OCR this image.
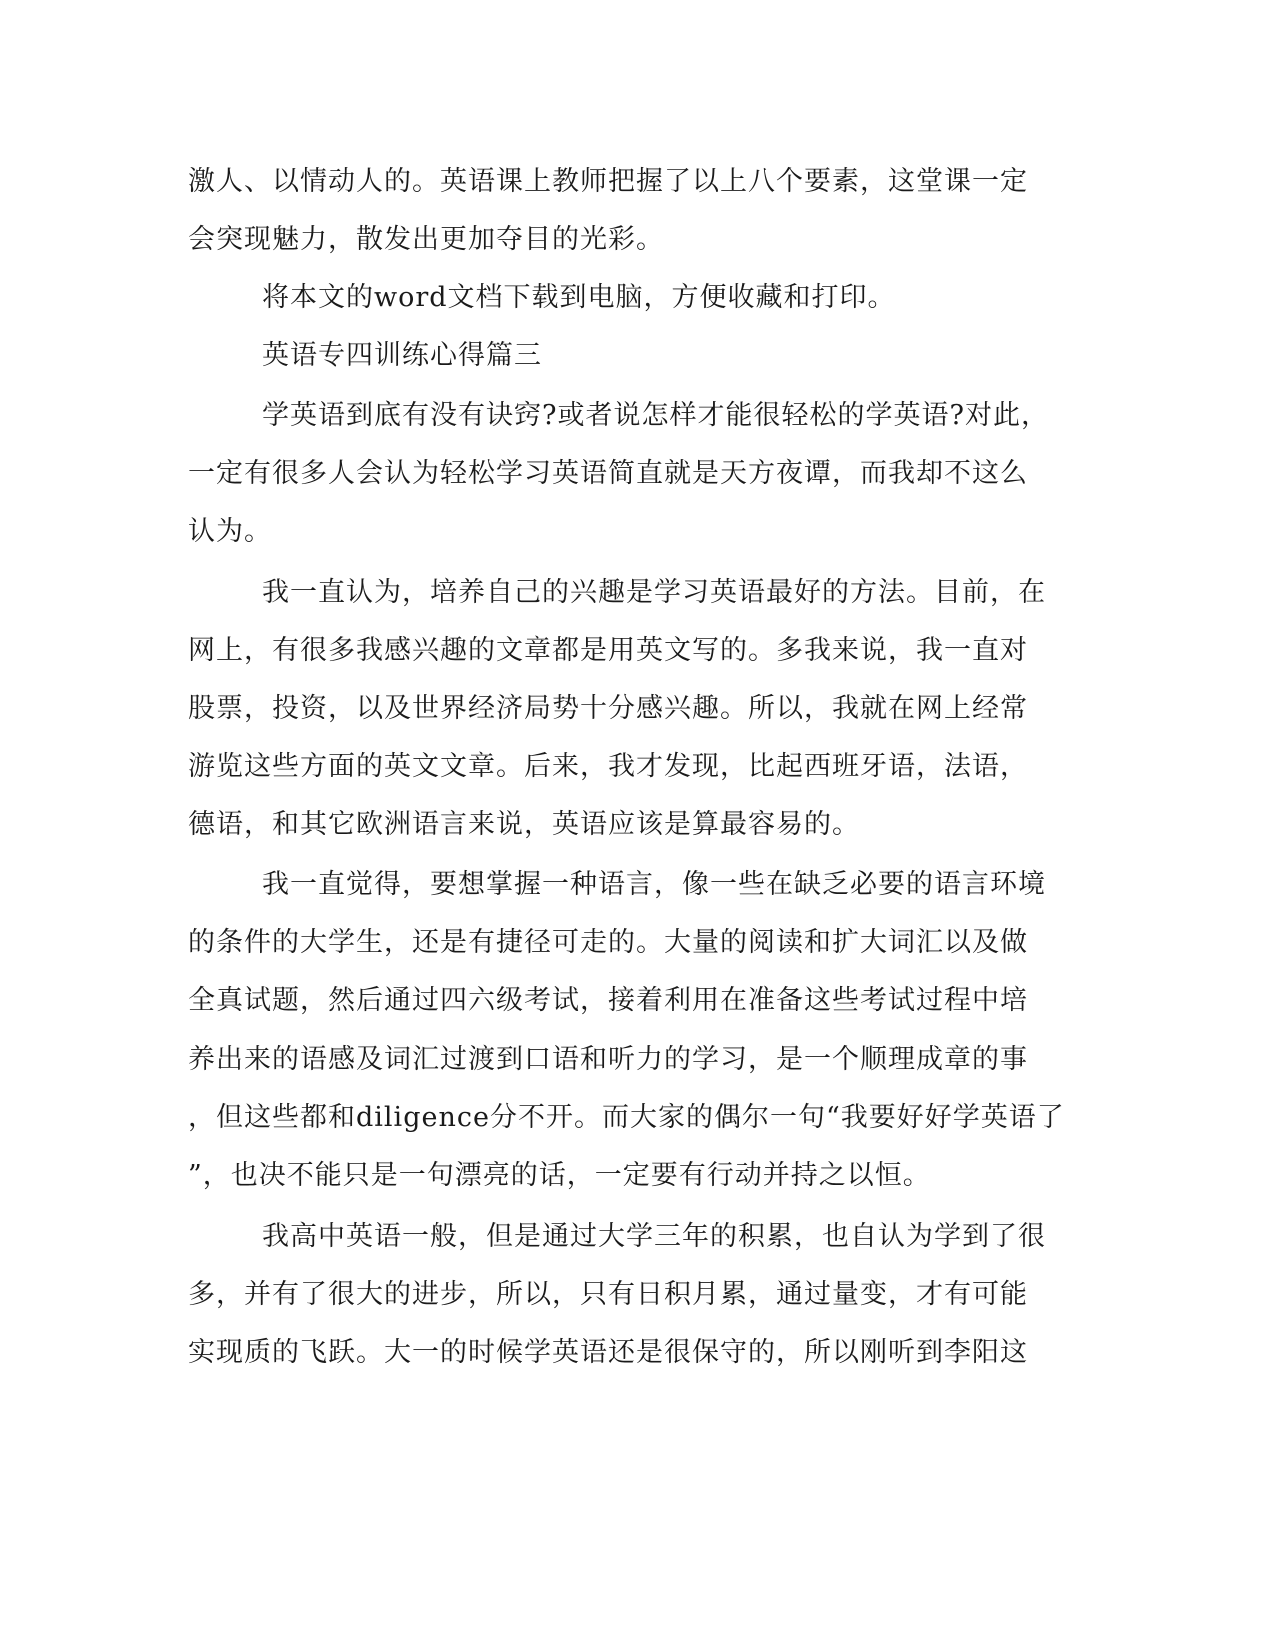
激人、以情动人的。英语课上教师把握了以上八个要素，这堂课一定
会突现魅力，散发出更加夺目的光彩。
将本文的word文档下载到电脑，方便收藏和打印。
英语专四训练心得篇三
学英语到底有没有诀窍?或者说怎样才能很轻松的学英语?对此，
一定有很多人会认为轻松学习英语简直就是天方夜谭，而我却不这么
认为。
我一直认为，培养自己的兴趣是学习英语最好的方法。目前，在
网上，有很多我感兴趣的文章都是用英文写的。多我来说，我一直对
股票，投资，以及世界经济局势十分感兴趣。所以，我就在网上经常
游览这些方面的英文文章。后来，我才发现，比起西班牙语，法语，
德语，和其它欧洲语言来说，英语应该是算最容易的。
我一直觉得，要想掌握一种语言，像一些在缺乏必要的语言环境
的条件的大学生，还是有捷径可走的。大量的阅读和扩大词汇以及做
全真试题，然后通过四六级考试，接着利用在准备这些考试过程中培
养出来的语感及词汇过渡到口语和听力的学习，是一个顺理成章的事
，但这些都和diligence分不开。而大家的偶尔一句“我要好好学英语了
”，也决不能只是一句漂亮的话，一定要有行动并持之以恒。
我高中英语一般，但是通过大学三年的积累，也自认为学到了很
多，并有了很大的进步，所以，只有日积月累，通过量变，才有可能
实现质的飞跃。大一的时候学英语还是很保守的，所以刚听到李阳这
